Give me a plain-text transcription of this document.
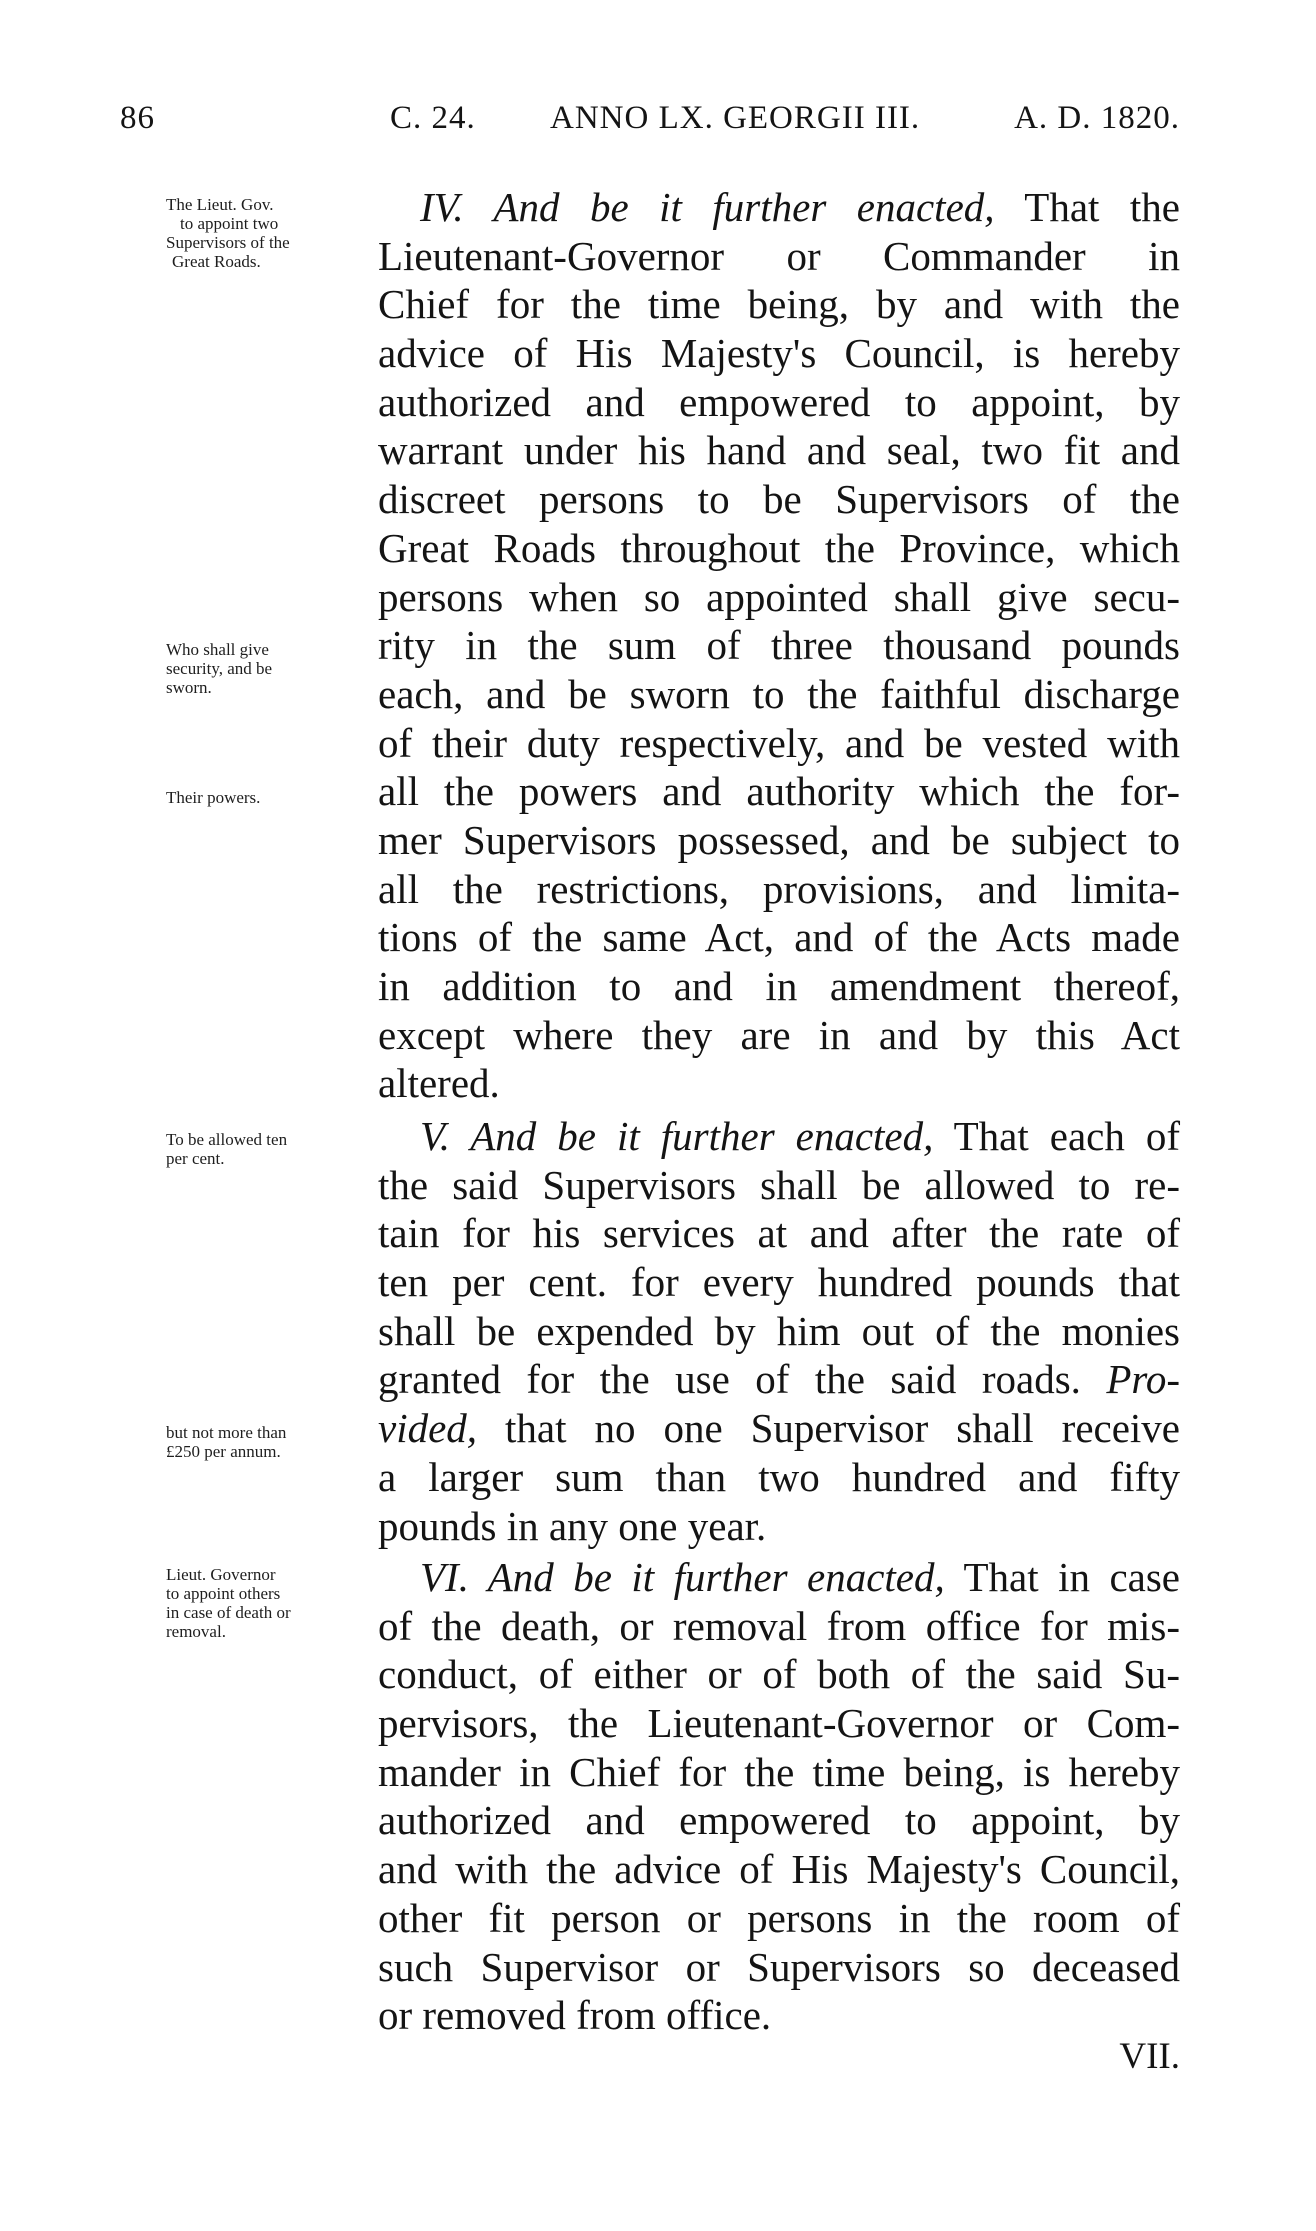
86	C. 24. ANNO LX. GEORGII III.	A. D. 1820.
The Lieut. Gov.
to appoint two
Supervisors of the
Great Roads.
Who shall give
security, and be
sworn.
Their powers.
To be allowed ten
per cent.
but not more than
£250 per annum.
Lieut. Governor
to appoint others
in case of death or
removal.
IV. And be it further enacted, That the
Lieutenant-Governor or Commander in
Chief for the time being, by and with the
advice of His Majesty's Council, is hereby
authorized and empowered to appoint, by
warrant under his hand and seal, two fit and
discreet persons to be Supervisors of the
Great Roads throughout the Province, which
persons when so appointed shall give secu-
rity in the sum of three thousand pounds
each, and be sworn to the faithful discharge
of their duty respectively, and be vested with
all the powers and authority which the for-
mer Supervisors possessed, and be subject to
all the restrictions, provisions, and limita-
tions of the same Act, and of the Acts made
in addition to and in amendment thereof,
except where they are in and by this Act
altered.
V. And be it further enacted, That each of
the said Supervisors shall be allowed to re-
tain for his services at and after the rate of
ten per cent. for every hundred pounds that
shall be expended by him out of the monies
granted for the use of the said roads. Pro-
vided, that no one Supervisor shall receive
a larger sum than two hundred and fifty
pounds in any one year.
VI. And be it further enacted, That in case
of the death, or removal from office for mis-
conduct, of either or of both of the said Su-
pervisors, the Lieutenant-Governor or Com-
mander in Chief for the time being, is hereby
authorized and empowered to appoint, by
and with the advice of His Majesty's Council,
other fit person or persons in the room of
such Supervisor or Supervisors so deceased
or removed from office.
VII.
